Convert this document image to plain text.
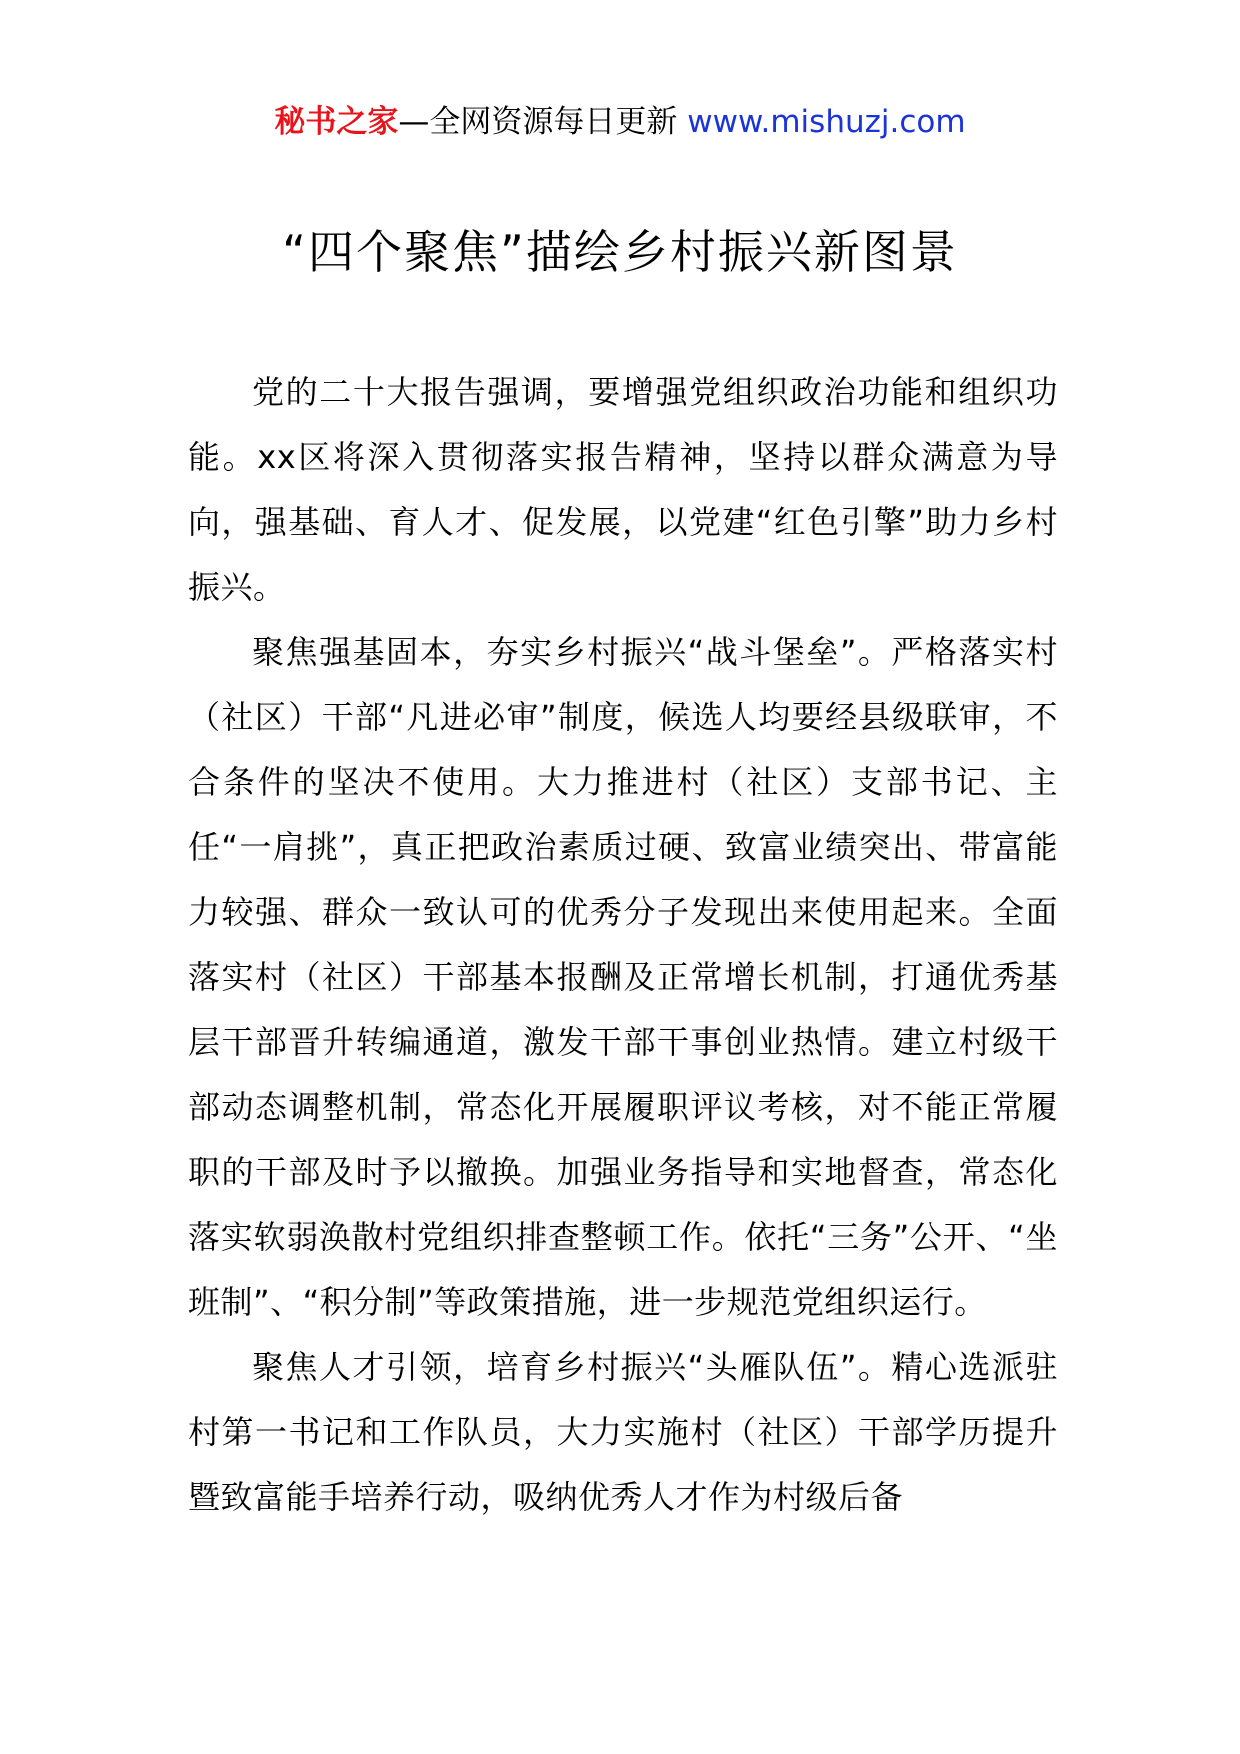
秘书之家—全网资源每日更新 www.mishuzj.com
“四个聚焦”描绘乡村振兴新图景

党的二十大报告强调，要增强党组织政治功能和组织功能。xx区将深入贯彻落实报告精神，坚持以群众满意为导向，强基础、育人才、促发展，以党建“红色引擎”助力乡村振兴。

聚焦强基固本，夯实乡村振兴“战斗堡垒”。严格落实村（社区）干部“凡进必审”制度，候选人均要经县级联审，不合条件的坚决不使用。大力推进村（社区）支部书记、主任“一肩挑”，真正把政治素质过硬、致富业绩突出、带富能力较强、群众一致认可的优秀分子发现出来使用起来。全面落实村（社区）干部基本报酬及正常增长机制，打通优秀基层干部晋升转编通道，激发干部干事创业热情。建立村级干部动态调整机制，常态化开展履职评议考核，对不能正常履职的干部及时予以撤换。加强业务指导和实地督查，常态化落实软弱涣散村党组织排查整顿工作。依托“三务”公开、“坐班制”、“积分制”等政策措施，进一步规范党组织运行。

聚焦人才引领，培育乡村振兴“头雁队伍”。精心选派驻村第一书记和工作队员，大力实施村（社区）干部学历提升暨致富能手培养行动，吸纳优秀人才作为村级后备
